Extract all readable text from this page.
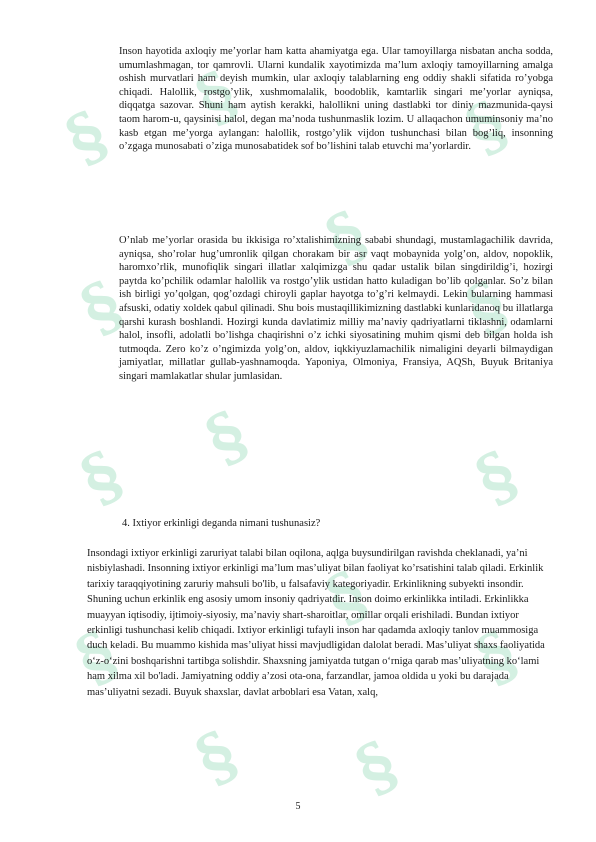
§ §	§
§
§
§
§
§	§
§
§	§
§ §

Inson hayotida axloqiy me’yorlar ham katta ahamiyatga ega. Ular tamoyillarga nisbatan ancha sodda, umumlashmagan, tor qamrovli. Ularni kundalik xayotimizda ma’lum axloqiy tamoyillarning amalga oshish murvatlari ham deyish mumkin, ular axloqiy talablarning eng oddiy shakli sifatida ro’yobga chiqadi. Halollik, rostgo’ylik, xushmomalalik, boodoblik, kamtarlik singari me’yorlar ayniqsa, diqqatga sazovar. Shuni ham aytish kerakki, halollikni uning dastlabki tor diniy mazmunida-qaysi taom harom-u, qaysinisi halol, degan ma’noda tushunmaslik lozim. U allaqachon umuminsoniy ma’no kasb etgan me’yorga aylangan: halollik, rostgo’ylik vijdon tushunchasi bilan bog’liq, insonning o’zgaga munosabati o’ziga munosabatidek sof bo’lishini talab etuvchi ma’yorlardir.

O’nlab me’yorlar orasida bu ikkisiga ro’xtalishimizning sababi shundagi, mustamlagachilik davrida, ayniqsa, sho’rolar hug’umronlik qilgan chorakam bir asr vaqt mobaynida yolg’on, aldov, nopoklik, haromxo’rlik, munofiqlik singari illatlar xalqimizga shu qadar ustalik bilan singdirildig’i, hozirgi paytda ko’pchilik odamlar halollik va rostgo’ylik ustidan hatto kuladigan bo’lib qolganlar. So’z bilan ish birligi yo’qolgan, qog’ozdagi chiroyli gaplar hayotga to’g’ri kelmaydi. Lekin bularning hammasi afsuski, odatiy xoldek qabul qilinadi. Shu bois mustaqillikimizning dastlabki kunlaridanoq bu illatlarga qarshi kurash boshlandi. Hozirgi kunda davlatimiz milliy ma’naviy qadriyatlarni tiklashni, odamlarni halol, insofli, adolatli bo’lishga chaqirishni o’z ichki siyosatining muhim qismi deb bilgan holda ish tutmoqda. Zero ko’z o’ngimizda yolg’on, aldov, iqkkiyuzlamachilik nimaligini deyarli bilmaydigan jamiyatlar, millatlar gullab-yashnamoqda. Yaponiya, Olmoniya, Fransiya, AQSh, Buyuk Britaniya singari mamlakatlar shular jumlasidan.

4. Ixtiyor erkinligi deganda nimani tushunasiz?

Insondagi ixtiyor erkinligi zaruriyat talabi bilan oqilona, aqlga buysundirilgan ravishda cheklanadi, ya’ni nisbiylashadi. Insonning ixtiyor erkinligi ma’lum mas’uliyat bilan faoliyat ko’rsatishini talab qiladi. Erkinlik tarixiy taraqqiyotining zaruriy mahsuli bo'lib, u falsafaviy kategoriyadir. Erkinlikning subyekti insondir. Shuning uchun erkinlik eng asosiy umom insoniy qadriyatdir. Inson doimo erkinlikka intiladi. Erkinlikka muayyan iqtisodiy, ijtimoiy-siyosiy, ma’naviy shart-sharoitlar, omillar orqali erishiladi. Bundan ixtiyor erkinligi tushunchasi kelib chiqadi. Ixtiyor erkinligi tufayli inson har qadamda axloqiy tanlov muammosiga duch keladi. Bu muammo kishida mas’uliyat hissi mavjudligidan dalolat beradi. Mas’uliyat shaxs faoliyatida o‘z-o‘zini boshqarishni tartibga solishdir. Shaxsning jamiyatda tutgan o‘rniga qarab mas’uliyatning ko‘lami ham xilma xil bo'ladi. Jamiyatning oddiy a’zosi ota-ona, farzandlar, jamoa oldida u yoki bu darajada mas’uliyatni sezadi. Buyuk shaxslar, davlat arboblari esa Vatan, xalq,

5
